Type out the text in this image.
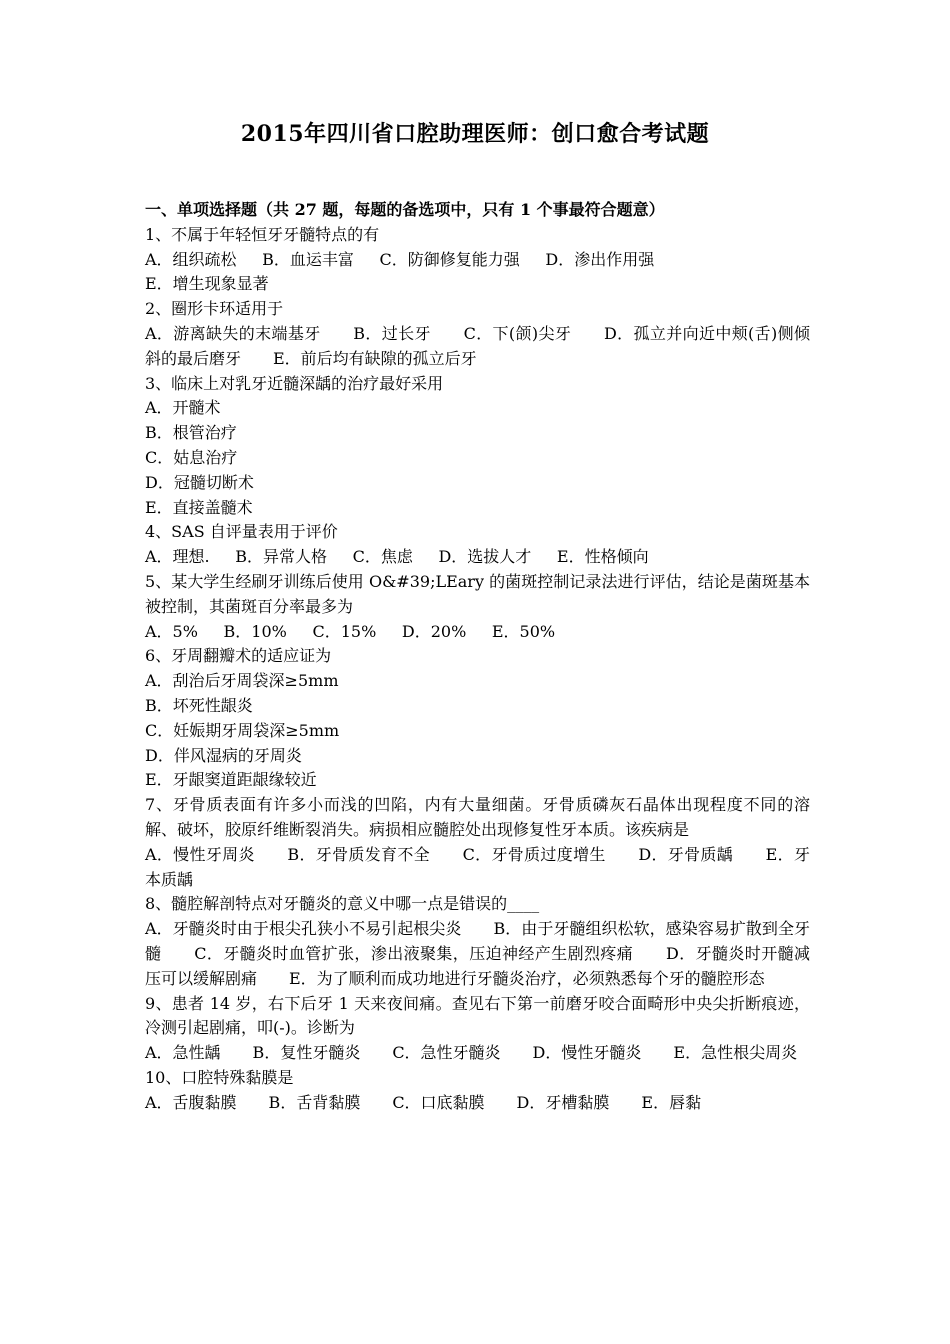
2015年四川省口腔助理医师：创口愈合考试题
一、单项选择题（共 27 题，每题的备选项中，只有 1 个事最符合题意）
1、不属于年轻恒牙牙髓特点的有
A．组织疏松 B．血运丰富 C．防御修复能力强 D．渗出作用强
E．增生现象显著
2、圈形卡环适用于
A．游离缺失的末端基牙　　B．过长牙　　C．下(颌)尖牙　　D．孤立并向近中颊(舌)侧倾斜的最后磨牙　　E．前后均有缺隙的孤立后牙
3、临床上对乳牙近髓深龋的治疗最好采用
A．开髓术
B．根管治疗
C．姑息治疗
D．冠髓切断术
E．直接盖髓术
4、SAS 自评量表用于评价
A．理想. B．异常人格 C．焦虑 D．选拔人才 E．性格倾向
5、某大学生经刷牙训练后使用 O&#39;LEary 的菌斑控制记录法进行评估，结论是菌斑基本被控制，其菌斑百分率最多为
A．5% B．10% C．15% D．20% E．50%
6、牙周翻瓣术的适应证为
A．刮治后牙周袋深≥5mm
B．坏死性龈炎
C．妊娠期牙周袋深≥5mm
D．伴风湿病的牙周炎
E．牙龈窦道距龈缘较近
7、牙骨质表面有许多小而浅的凹陷，内有大量细菌。牙骨质磷灰石晶体出现程度不同的溶解、破坏，胶原纤维断裂消失。病损相应髓腔处出现修复性牙本质。该疾病是
A．慢性牙周炎　　B．牙骨质发育不全　　C．牙骨质过度增生　　D．牙骨质龋　　E．牙本质龋
8、髓腔解剖特点对牙髓炎的意义中哪一点是错误的____
A．牙髓炎时由于根尖孔狭小不易引起根尖炎　　B．由于牙髓组织松软，感染容易扩散到全牙髓　　C．牙髓炎时血管扩张，渗出液聚集，压迫神经产生剧烈疼痛　　D．牙髓炎时开髓减压可以缓解剧痛　　E．为了顺利而成功地进行牙髓炎治疗，必须熟悉每个牙的髓腔形态
9、患者 14 岁，右下后牙 1 天来夜间痛。查见右下第一前磨牙咬合面畸形中央尖折断痕迹，冷测引起剧痛，叩(-)。诊断为
A．急性龋　　B．复性牙髓炎　　C．急性牙髓炎　　D．慢性牙髓炎　　E．急性根尖周炎
10、口腔特殊黏膜是
A．舌腹黏膜　　B．舌背黏膜　　C．口底黏膜　　D．牙槽黏膜　　E．唇黏
